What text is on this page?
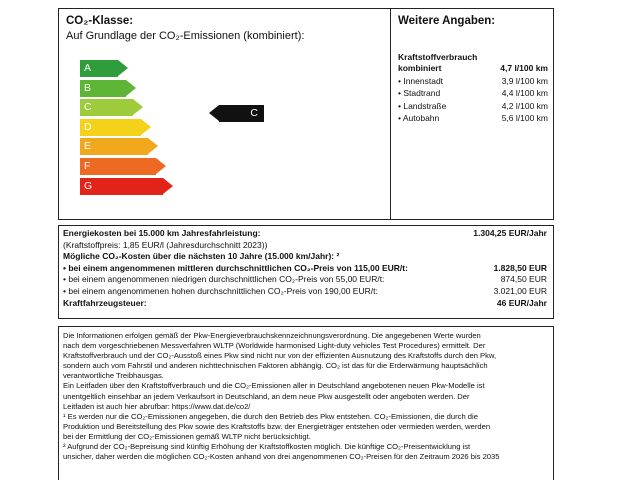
CO₂-Klasse:
Auf Grundlage der CO₂-Emissionen (kombiniert):
A
B
C
D
E
F
G
C
Weitere Angaben:
Kraftstoffverbrauch
kombiniert	4,7 l/100 km
• Innenstadt	3,9 l/100 km
• Stadtrand	4,4 l/100 km
• Landstraße	4,2 l/100 km
• Autobahn	5,6 l/100 km
Energiekosten bei 15.000 km Jahresfahrleistung:	1.304,25 EUR/Jahr
(Kraftstoffpreis: 1,85 EUR/l (Jahresdurchschnitt 2023))
Mögliche CO₂-Kosten über die nächsten 10 Jahre (15.000 km/Jahr): ²
• bei einem angenommenen mittleren durchschnittlichen CO₂-Preis von 115,00 EUR/t:	1.828,50 EUR
• bei einem angenommenen niedrigen durchschnittlichen CO₂-Preis von 55,00 EUR/t:	874,50 EUR
• bei einem angenommenen hohen durchschnittlichen CO₂-Preis von 190,00 EUR/t:	3.021,00 EUR
Kraftfahrzeugsteuer:	46 EUR/Jahr

Die Informationen erfolgen gemäß der Pkw-Energieverbrauchskennzeichnungsverordnung. Die angegebenen Werte wurden

nach dem vorgeschriebenen Messverfahren WLTP (Worldwide harmonised Light-duty vehicles Test Procedures) ermittelt. Der

Kraftstoffverbrauch und der CO₂-Ausstoß eines Pkw sind nicht nur von der effizienten Ausnutzung des Kraftstoffs durch den Pkw,

sondern auch vom Fahrstil und anderen nichttechnischen Faktoren abhängig. CO₂ ist das für die Erderwärmung hauptsächlich

verantwortliche Treibhausgas.

Ein Leitfaden über den Kraftstoffverbrauch und die CO₂-Emissionen aller in Deutschland angebotenen neuen Pkw-Modelle ist

unentgeltlich einsehbar an jedem Verkaufsort in Deutschland, an dem neue Pkw ausgestellt oder angeboten werden. Der

Leitfaden ist auch hier abrufbar: https://www.dat.de/co2/

¹ Es werden nur die CO₂-Emissionen angegeben, die durch den Betrieb des Pkw entstehen. CO₂-Emissionen, die durch die

Produktion und Bereitstellung des Pkw sowie des Kraftstoffs bzw. der Energieträger entstehen oder vermieden werden, werden

bei der Ermittlung der CO₂-Emissionen gemäß WLTP nicht berücksichtigt.

² Aufgrund der CO₂-Bepreisung sind künftig Erhöhung der Kraftstoffkosten möglich. Die künftige CO₂-Preisentwicklung ist

unsicher, daher werden die möglichen CO₂-Kosten anhand von drei angenommenen CO₂-Preisen für den Zeitraum 2026 bis 2035
